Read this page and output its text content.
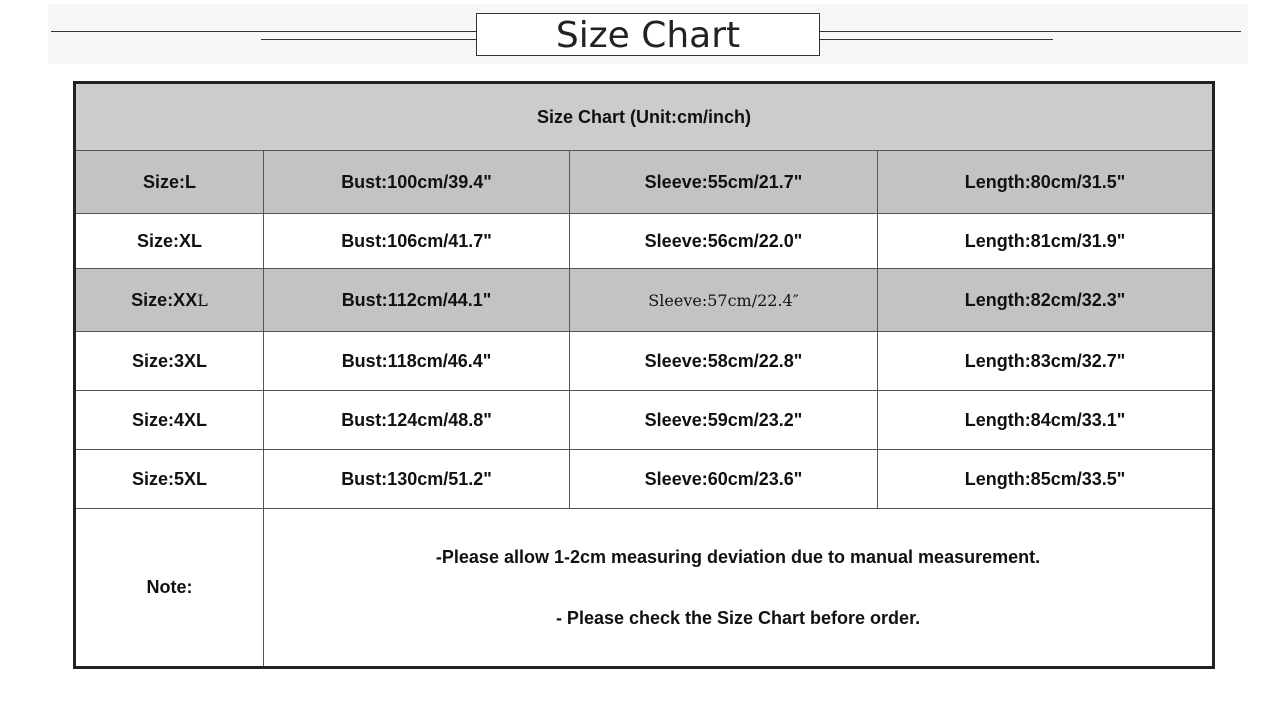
Size Chart
Size Chart (Unit:cm/inch)			
Size:L	Bust:100cm/39.4"	Sleeve:55cm/21.7"	Length:80cm/31.5"
Size:XL	Bust:106cm/41.7"	Sleeve:56cm/22.0"	Length:81cm/31.9"
Size:XXL	Bust:112cm/44.1"	Sleeve:57cm/22.4″	Length:82cm/32.3"
Size:3XL	Bust:118cm/46.4"	Sleeve:58cm/22.8"	Length:83cm/32.7"
Size:4XL	Bust:124cm/48.8"	Sleeve:59cm/23.2"	Length:84cm/33.1"
Size:5XL	Bust:130cm/51.2"	Sleeve:60cm/23.6"	Length:85cm/33.5"
Note:	-Please allow 1-2cm measuring deviation due to manual measurement.
- Please check the Size Chart before order.		
